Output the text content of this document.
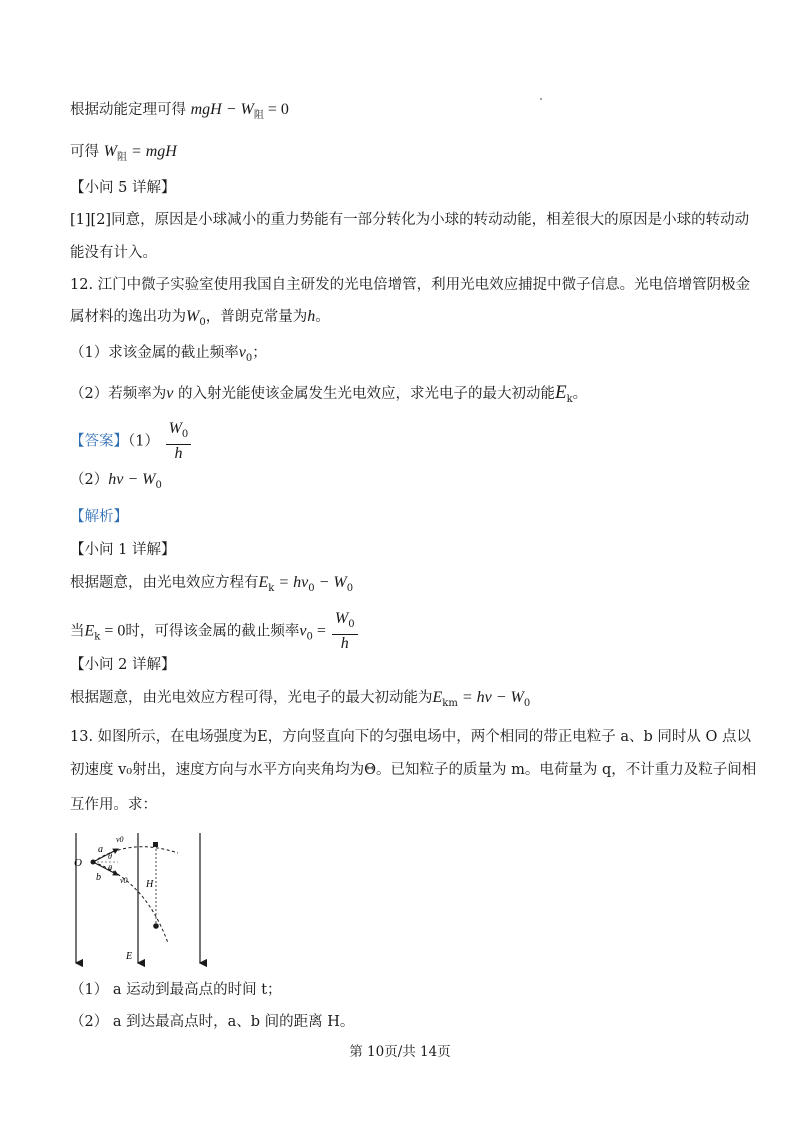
根据动能定理可得 mgH − $W_阻 = 0$
可得 $W_阻$ = mgH
【小问 5 详解】
[1][2]同意，原因是小球减小的重力势能有一部分转化为小球的转动动能，相差很大的原因是小球的转动动
能没有计入。
12. 江门中微子实验室使用我国自主研发的光电倍增管，利用光电效应捕捉中微子信息。光电倍增管阴极金
属材料的逸出功为$W_0$，普朗克常量为h。
（1）求该金属的截止频率$\nu_0$；
（2）若频率为ν 的入射光能使该金属发生光电效应，求光电子的最大初动能$E_k$。
【答案】$(1) \frac{W_0}{h}$
$(2)h\nu - W_0$
【解析】
【小问 1 详解】
根据题意，由光电效应方程有$E_k = h\nu_0 - W_0$
当$E_k = 0$时，可得该金属的截止频率$\nu_0 = \frac{W_0}{h}$
【小问 2 详解】
根据题意，由光电效应方程可得，光电子的最大初动能为$E_{km} = h\nu - W_0$
13. 如图所示，在电场强度为E，方向竖直向下的匀强电场中，两个相同的带正电粒子 a、b 同时从 O 点以
初速度 v₀射出，速度方向与水平方向夹角均为Θ。已知粒子的质量为 m。电荷量为 q，不计重力及粒子间相
互作用。求：
O
a
b
v0
v0
θ
θ
H
E
（1） a 运动到最高点的时间 t；
（2） a 到达最高点时，a、b 间的距离 H。
第 10页/共 14页
